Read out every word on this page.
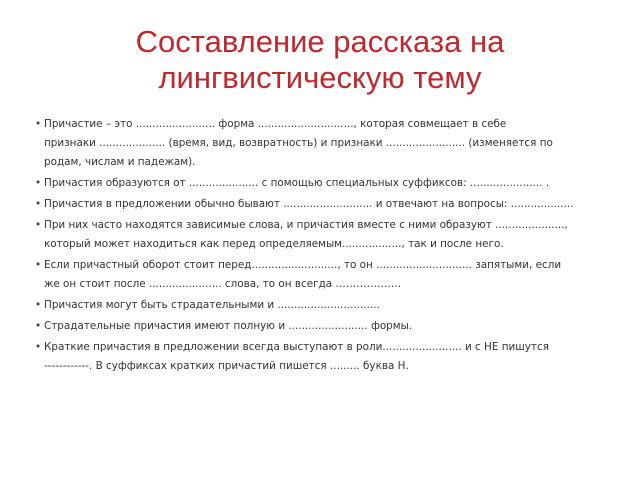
Составление рассказа на
лингвистическую тему
• Причастие – это ........................ форма ............................., которая совмещает в себе
признаки .................... (время, вид, возвратность) и признаки ........................ (изменяется по
родам, числам и падежам).
• Причастия образуются от ..................... с помощью специальных суффиксов: ...................... .
• Причастия в предложении обычно бывают ........................... и отвечают на вопросы: ...................
• При них часто находятся зависимые слова, и причастия вместе с ними образуют .....................,
который может находиться как перед определяемым.................., так и после него.
• Если причастный оборот стоит перед.........................., то он ............................. запятыми, если
же он стоит после ...................... слова, то он всегда ……………….
• Причастия могут быть страдательными и ...............................
• Страдательные причастия имеют полную и ........................ формы.
• Краткие причастия в предложении всегда выступают в роли........................ и с НЕ пишутся
------------. В суффиксах кратких причастий пишется ......... буква Н.
